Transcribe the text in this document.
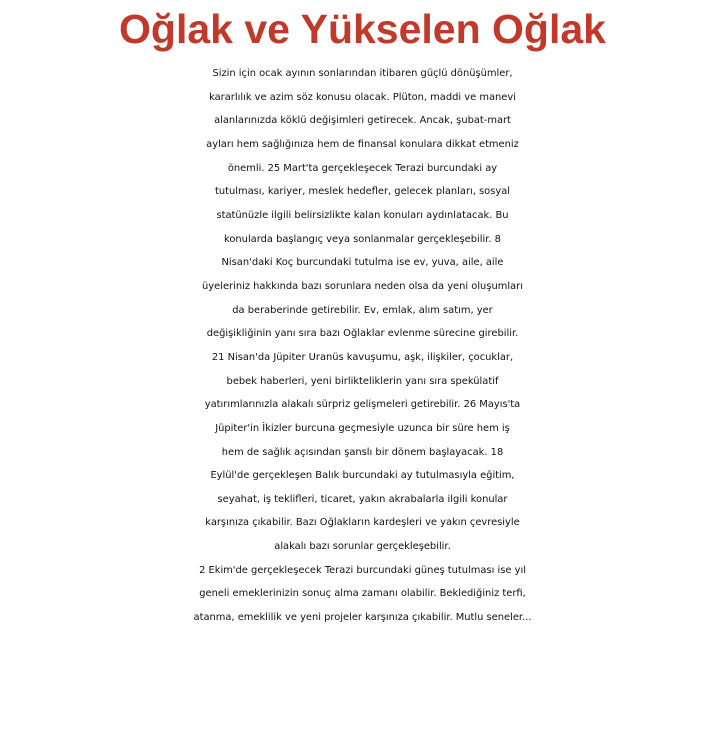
Oğlak ve Yükselen Oğlak
Sizin için ocak ayının sonlarından itibaren güçlü dönüşümler,
kararlılık ve azim söz konusu olacak. Plüton, maddi ve manevi
alanlarınızda köklü değişimleri getirecek. Ancak, şubat-mart
ayları hem sağlığınıza hem de finansal konulara dikkat etmeniz
önemli. 25 Mart'ta gerçekleşecek Terazi burcundaki ay
tutulması, kariyer, meslek hedefler, gelecek planları, sosyal
statünüzle ilgili belirsizlikte kalan konuları aydınlatacak. Bu
konularda başlangıç veya sonlanmalar gerçekleşebilir. 8
Nisan'daki Koç burcundaki tutulma ise ev, yuva, aile, aile
üyeleriniz hakkında bazı sorunlara neden olsa da yeni oluşumları
da beraberinde getirebilir. Ev, emlak, alım satım, yer
değişikliğinin yanı sıra bazı Oğlaklar evlenme sürecine girebilir.
21 Nisan'da Jüpiter Uranüs kavuşumu, aşk, ilişkiler, çocuklar,
bebek haberleri, yeni birlikteliklerin yanı sıra spekülatif
yatırımlarınızla alakalı sürpriz gelişmeleri getirebilir. 26 Mayıs'ta
Jüpiter'in İkizler burcuna geçmesiyle uzunca bir süre hem iş
hem de sağlık açısından şanslı bir dönem başlayacak. 18
Eylül'de gerçekleşen Balık burcundaki ay tutulmasıyla eğitim,
seyahat, iş teklifleri, ticaret, yakın akrabalarla ilgili konular
karşınıza çıkabilir. Bazı Oğlakların kardeşleri ve yakın çevresiyle
alakalı bazı sorunlar gerçekleşebilir.
2 Ekim'de gerçekleşecek Terazi burcundaki güneş tutulması ise yıl
geneli emeklerinizin sonuç alma zamanı olabilir. Beklediğiniz terfi,
atanma, emeklilik ve yeni projeler karşınıza çıkabilir. Mutlu seneler...
